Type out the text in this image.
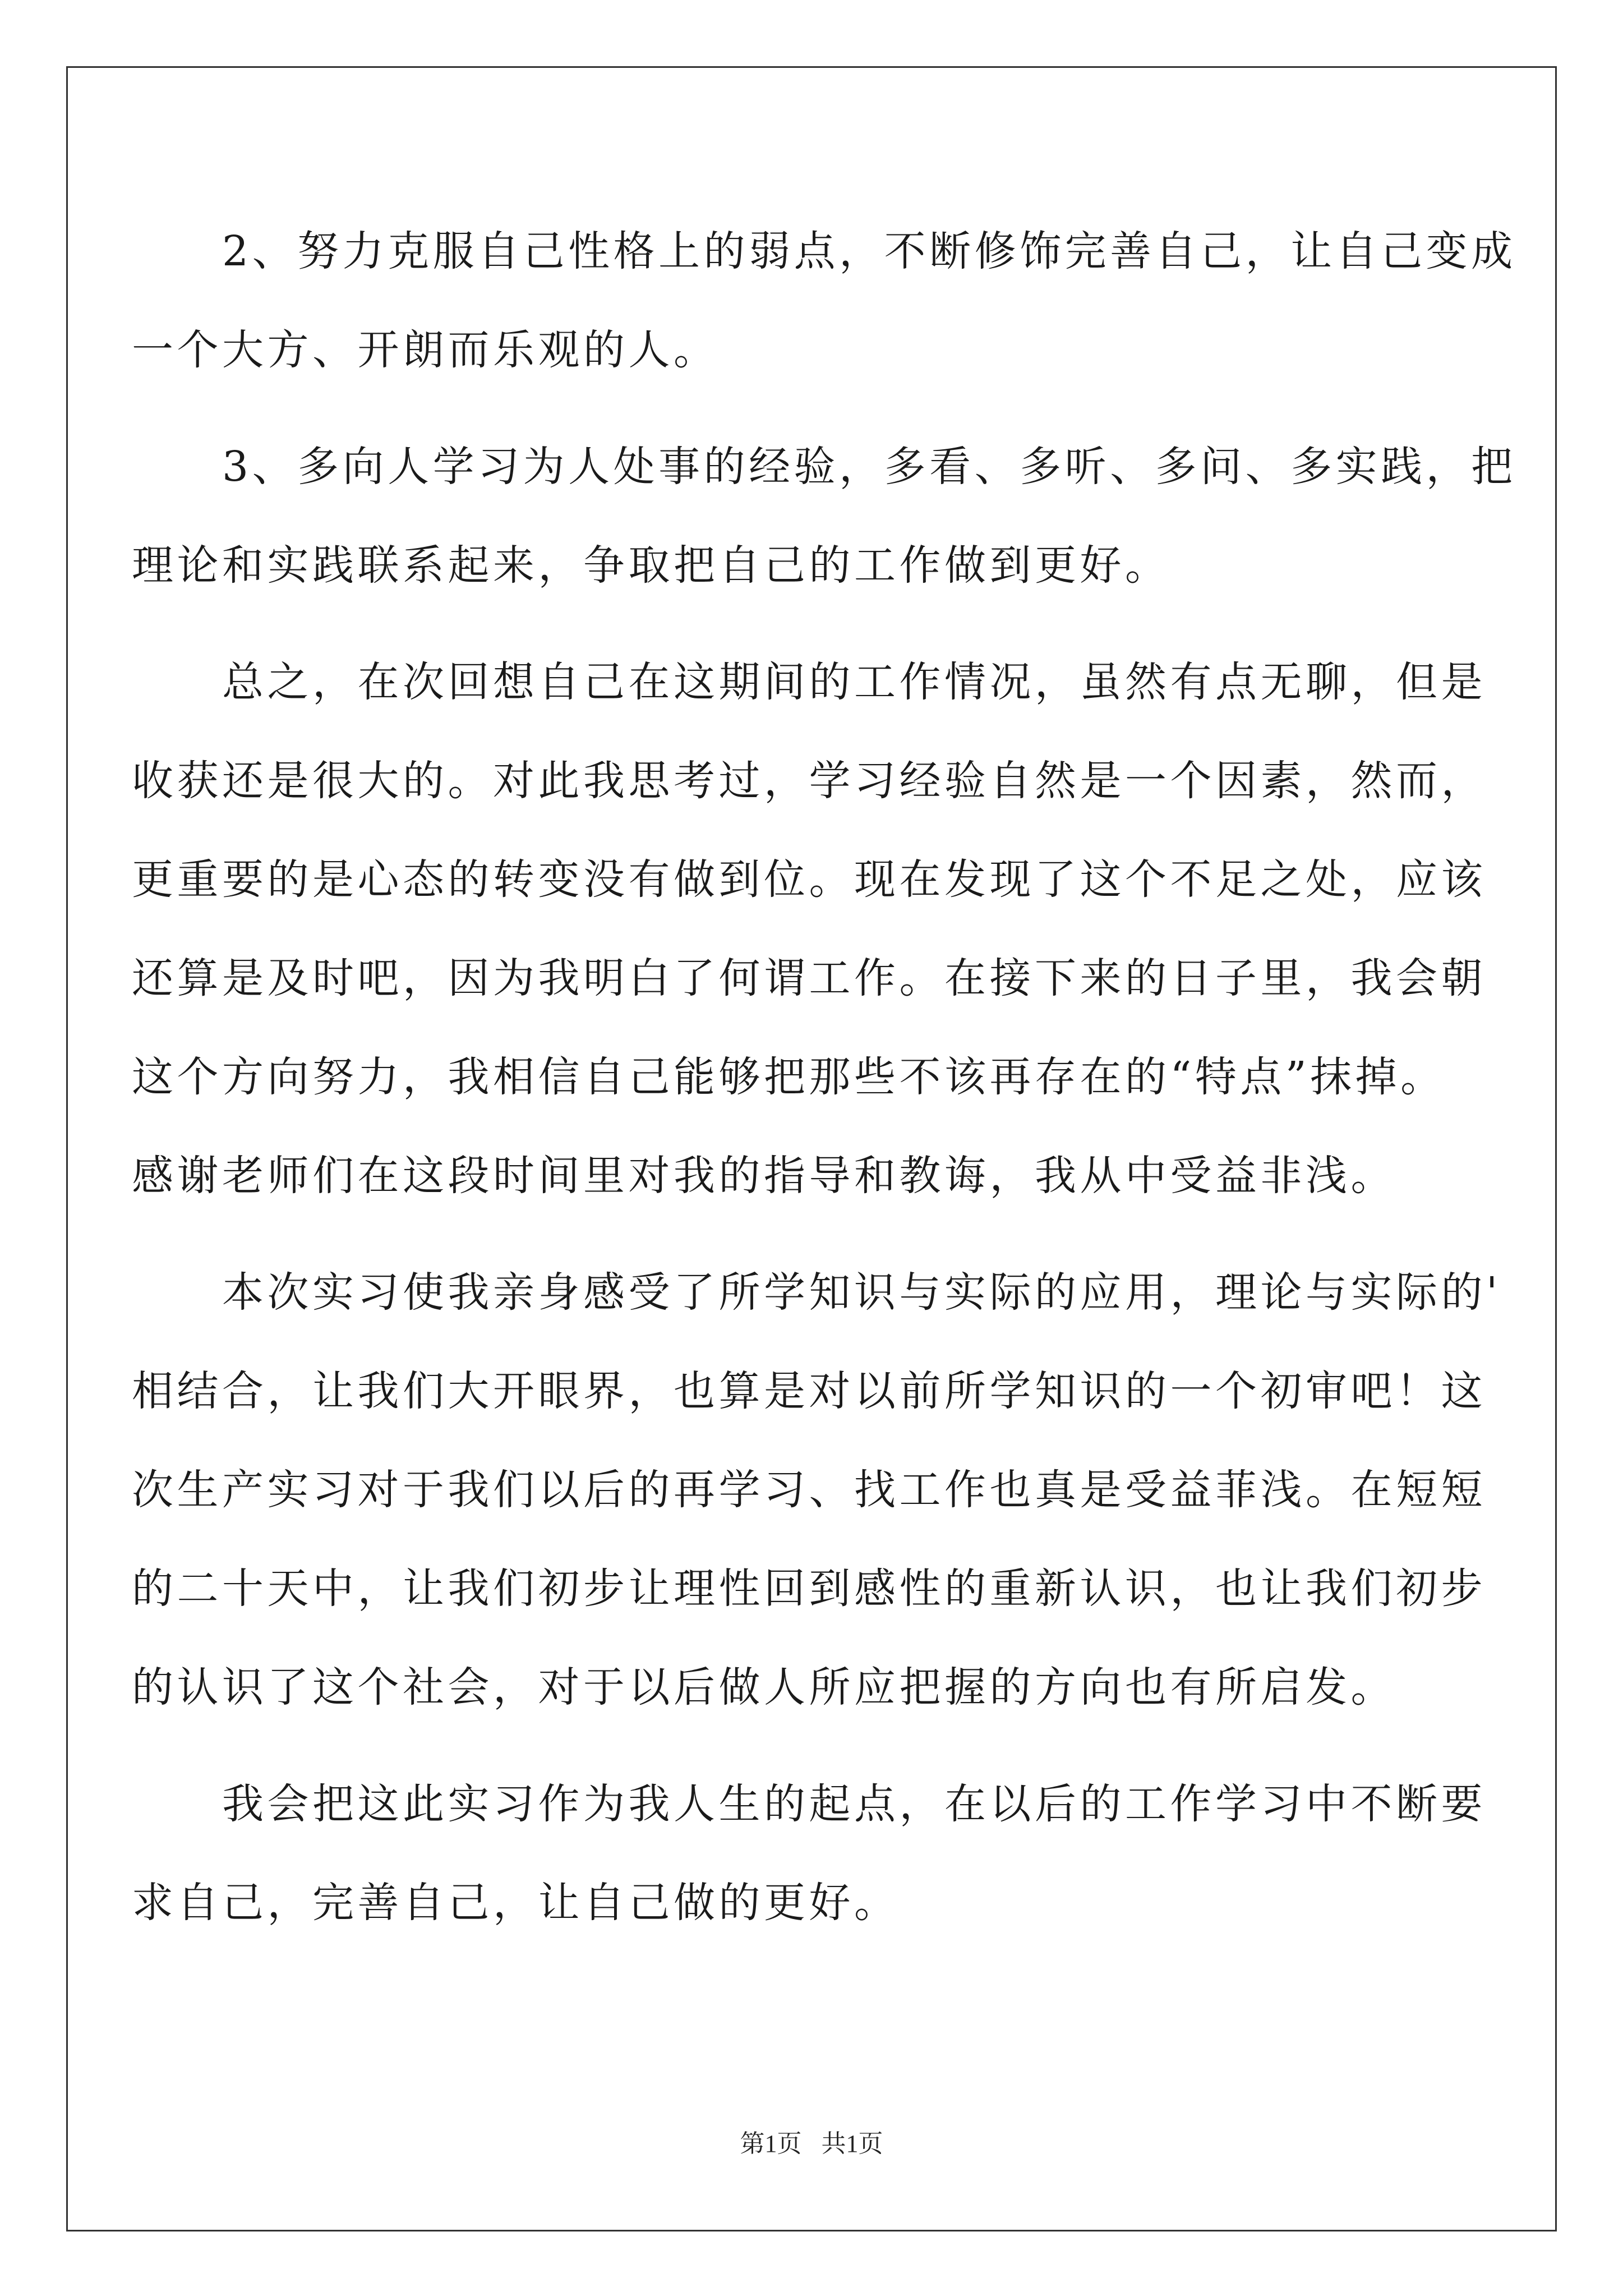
　　2、努力克服自己性格上的弱点，不断修饰完善自己，让自己变成
一个大方、开朗而乐观的人。
　　3、多向人学习为人处事的经验，多看、多听、多问、多实践，把
理论和实践联系起来，争取把自己的工作做到更好。
　　总之，在次回想自己在这期间的工作情况，虽然有点无聊，但是
收获还是很大的。对此我思考过，学习经验自然是一个因素，然而，
更重要的是心态的转变没有做到位。现在发现了这个不足之处，应该
还算是及时吧，因为我明白了何谓工作。在接下来的日子里，我会朝
这个方向努力，我相信自己能够把那些不该再存在的“特点”抹掉。
感谢老师们在这段时间里对我的指导和教诲，我从中受益非浅。
　　本次实习使我亲身感受了所学知识与实际的应用，理论与实际的'
相结合，让我们大开眼界，也算是对以前所学知识的一个初审吧！这
次生产实习对于我们以后的再学习、找工作也真是受益菲浅。在短短
的二十天中，让我们初步让理性回到感性的重新认识，也让我们初步
的认识了这个社会，对于以后做人所应把握的方向也有所启发。
　　我会把这此实习作为我人生的起点，在以后的工作学习中不断要
求自己，完善自己，让自己做的更好。
第1页 共1页
